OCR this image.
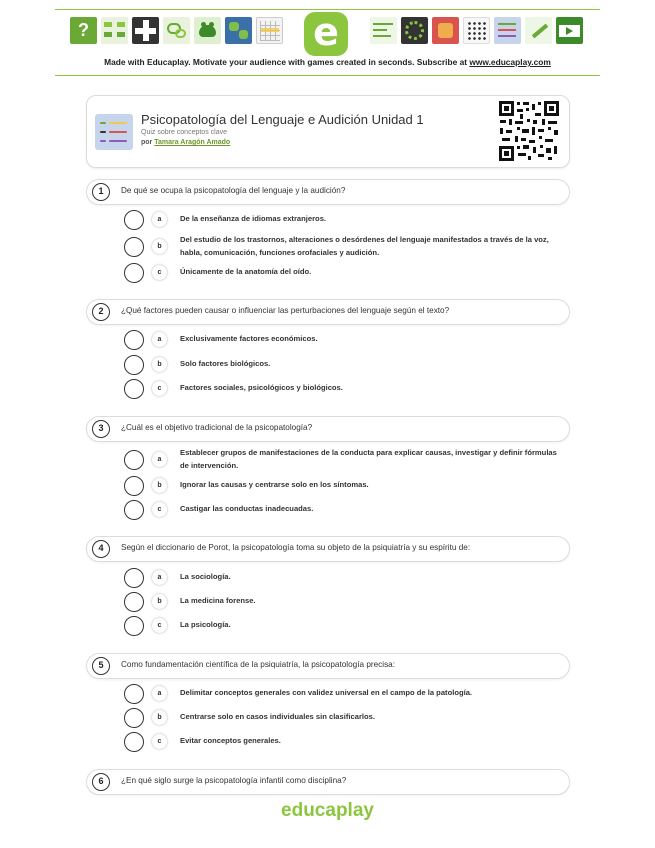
?	e
Made with Educaplay. Motivate your audience with games created in seconds. Subscribe at www.educaplay.com
Psicopatología del Lenguaje e Audición Unidad 1
Quiz sobre conceptos clave
por Tamara Aragón Amado
1	De qué se ocupa la psicopatología del lenguaje y la audición?
a	De la enseñanza de idiomas extranjeros.
b
Del estudio de los trastornos, alteraciones o desórdenes del lenguaje manifestados a través de la voz, habla, comunicación, funciones orofaciales y audición.
c	Únicamente de la anatomía del oído.
2	¿Qué factores pueden causar o influenciar las perturbaciones del lenguaje según el texto?
a	Exclusivamente factores económicos.
b	Solo factores biológicos.
c	Factores sociales, psicológicos y biológicos.
3	¿Cuál es el objetivo tradicional de la psicopatología?
a
Establecer grupos de manifestaciones de la conducta para explicar causas, investigar y definir fórmulas de intervención.
b	Ignorar las causas y centrarse solo en los síntomas.
c	Castigar las conductas inadecuadas.
4	Según el diccionario de Porot, la psicopatología toma su objeto de la psiquiatría y su espíritu de:
a	La sociología.
b	La medicina forense.
c	La psicología.
5	Como fundamentación científica de la psiquiatría, la psicopatología precisa:
a	Delimitar conceptos generales con validez universal en el campo de la patología.
b	Centrarse solo en casos individuales sin clasificarlos.
c	Evitar conceptos generales.
6	¿En qué siglo surge la psicopatología infantil como disciplina?
educaplay
